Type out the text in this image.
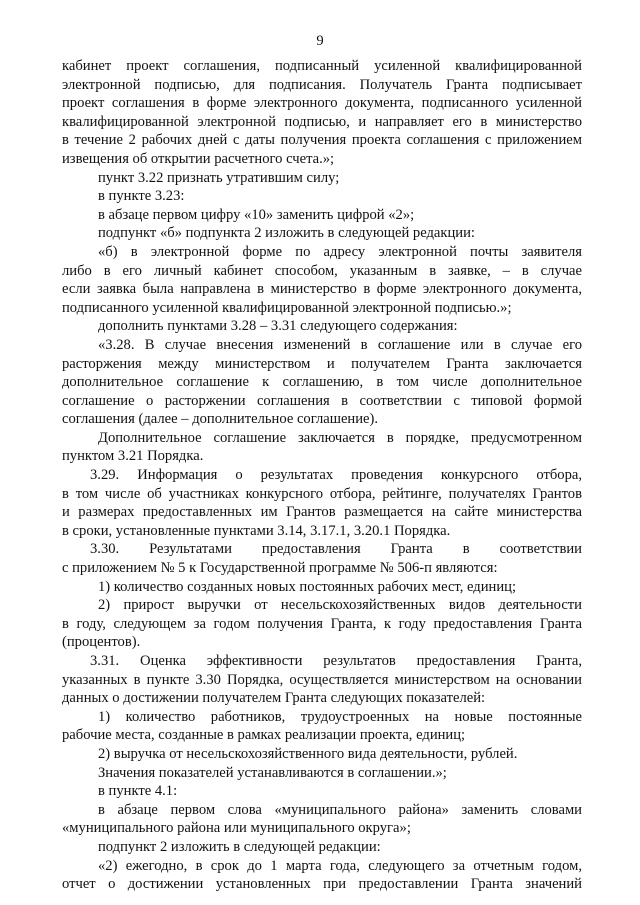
9
кабинет проект соглашения, подписанный усиленной квалифицированной
электронной подписью, для подписания. Получатель Гранта подписывает
проект соглашения в форме электронного документа, подписанного усиленной
квалифицированной электронной подписью, и направляет его в министерство
в течение 2 рабочих дней с даты получения проекта соглашения с приложением
извещения об открытии расчетного счета.»;
пункт 3.22 признать утратившим силу;
в пункте 3.23:
в абзаце первом цифру «10» заменить цифрой «2»;
подпункт «б» подпункта 2 изложить в следующей редакции:
«б) в электронной форме по адресу электронной почты заявителя
либо в его личный кабинет способом, указанным в заявке, – в случае
если заявка была направлена в министерство в форме электронного документа,
подписанного усиленной квалифицированной электронной подписью.»;
дополнить пунктами 3.28 – 3.31 следующего содержания:
«3.28. В случае внесения изменений в соглашение или в случае его
расторжения между министерством и получателем Гранта заключается
дополнительное соглашение к соглашению, в том числе дополнительное
соглашение о расторжении соглашения в соответствии с типовой формой
соглашения (далее – дополнительное соглашение).
Дополнительное соглашение заключается в порядке, предусмотренном
пунктом 3.21 Порядка.
3.29. Информация о результатах проведения конкурсного отбора,
в том числе об участниках конкурсного отбора, рейтинге, получателях Грантов
и размерах предоставленных им Грантов размещается на сайте министерства
в сроки, установленные пунктами 3.14, 3.17.1, 3.20.1 Порядка.
3.30. Результатами предоставления Гранта в соответствии
с приложением № 5 к Государственной программе № 506-п являются:
1) количество созданных новых постоянных рабочих мест, единиц;
2) прирост выручки от несельскохозяйственных видов деятельности
в году, следующем за годом получения Гранта, к году предоставления Гранта
(процентов).
3.31. Оценка эффективности результатов предоставления Гранта,
указанных в пункте 3.30 Порядка, осуществляется министерством на основании
данных о достижении получателем Гранта следующих показателей:
1) количество работников, трудоустроенных на новые постоянные
рабочие места, созданные в рамках реализации проекта, единиц;
2) выручка от несельскохозяйственного вида деятельности, рублей.
Значения показателей устанавливаются в соглашении.»;
в пункте 4.1:
в абзаце первом слова «муниципального района» заменить словами
«муниципального района или муниципального округа»;
подпункт 2 изложить в следующей редакции:
«2) ежегодно, в срок до 1 марта года, следующего за отчетным годом,
отчет о достижении установленных при предоставлении Гранта значений
